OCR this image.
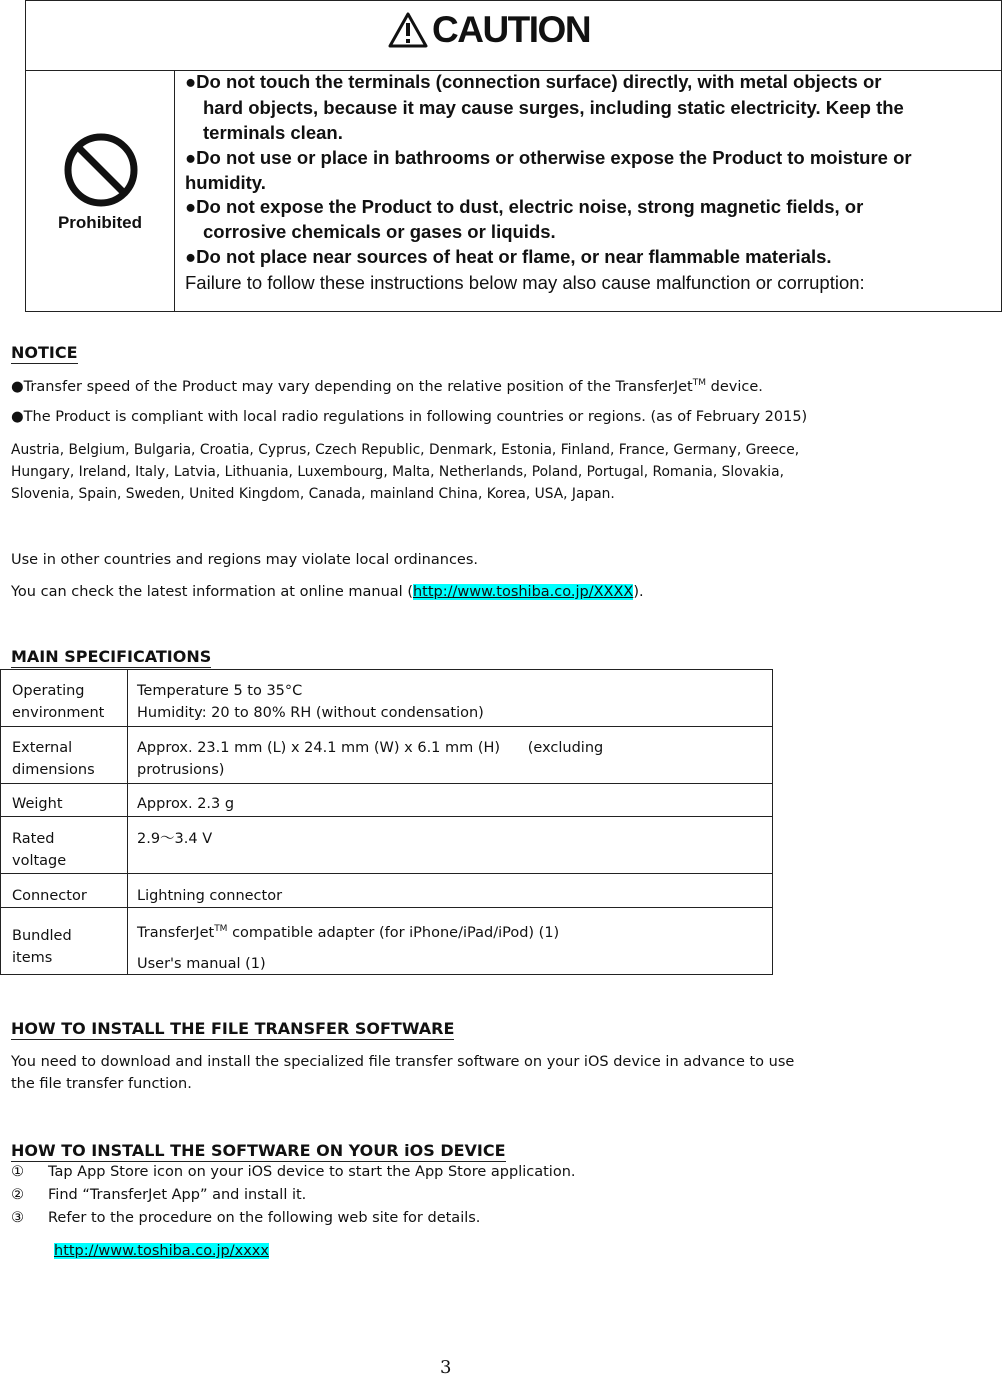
CAUTION
Prohibited
●Do not touch the terminals (connection surface) directly, with metal objects or
hard objects, because it may cause surges, including static electricity. Keep the
terminals clean.
●Do not use or place in bathrooms or otherwise expose the Product to moisture or
humidity.
●Do not expose the Product to dust, electric noise, strong magnetic fields, or
corrosive chemicals or gases or liquids.
●Do not place near sources of heat or flame, or near flammable materials.
Failure to follow these instructions below may also cause malfunction or corruption:
NOTICE
●Transfer speed of the Product may vary depending on the relative position of the TransferJet™ device.
●The Product is compliant with local radio regulations in following countries or regions. (as of February 2015)
Austria, Belgium, Bulgaria, Croatia, Cyprus, Czech Republic, Denmark, Estonia, Finland, France, Germany, Greece,
Hungary, Ireland, Italy, Latvia, Lithuania, Luxembourg, Malta, Netherlands, Poland, Portugal, Romania, Slovakia,
Slovenia, Spain, Sweden, United Kingdom, Canada, mainland China, Korea, USA, Japan.
Use in other countries and regions may violate local ordinances.
You can check the latest information at online manual (http://www.toshiba.co.jp/XXXX).
MAIN SPECIFICATIONS
Operating
environment
Temperature 5 to 35°C
Humidity: 20 to 80% RH (without condensation)
External
dimensions
Approx. 23.1 mm (L) x 24.1 mm (W) x 6.1 mm (H)      (excluding
protrusions)
Weight	Approx. 2.3 g
Rated
voltage
2.9～3.4 V
Connector	Lightning connector
Bundled
items
TransferJet™ compatible adapter (for iPhone/iPad/iPod) (1)
User's manual (1)
HOW TO INSTALL THE FILE TRANSFER SOFTWARE
You need to download and install the specialized file transfer software on your iOS device in advance to use
the file transfer function.
HOW TO INSTALL THE SOFTWARE ON YOUR iOS DEVICE
① Tap App Store icon on your iOS device to start the App Store application.
② Find “TransferJet App” and install it.
③ Refer to the procedure on the following web site for details.
http://www.toshiba.co.jp/xxxx
3
